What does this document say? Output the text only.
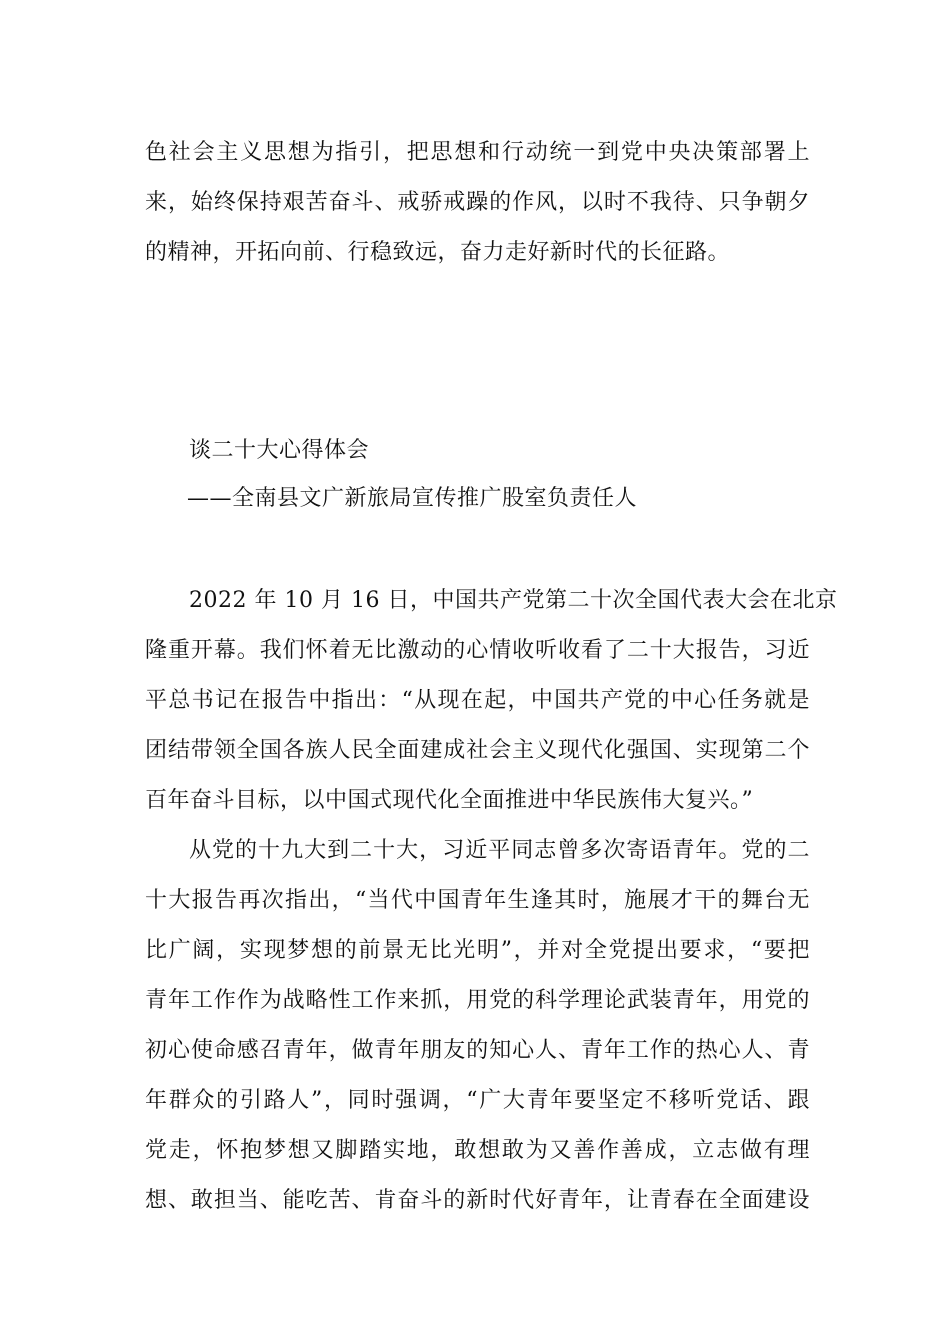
色社会主义思想为指引，把思想和行动统一到党中央决策部署上
来，始终保持艰苦奋斗、戒骄戒躁的作风，以时不我待、只争朝夕
的精神，开拓向前、行稳致远，奋力走好新时代的长征路。
谈二十大心得体会
——全南县文广新旅局宣传推广股室负责任人
2022 年 10 月 16 日，中国共产党第二十次全国代表大会在北京
隆重开幕。我们怀着无比激动的心情收听收看了二十大报告，习近
平总书记在报告中指出：“从现在起，中国共产党的中心任务就是
团结带领全国各族人民全面建成社会主义现代化强国、实现第二个
百年奋斗目标，以中国式现代化全面推进中华民族伟大复兴。”
从党的十九大到二十大，习近平同志曾多次寄语青年。党的二
十大报告再次指出，“当代中国青年生逢其时，施展才干的舞台无
比广阔，实现梦想的前景无比光明”，并对全党提出要求，“要把
青年工作作为战略性工作来抓，用党的科学理论武装青年，用党的
初心使命感召青年，做青年朋友的知心人、青年工作的热心人、青
年群众的引路人”，同时强调，“广大青年要坚定不移听党话、跟
党走，怀抱梦想又脚踏实地，敢想敢为又善作善成，立志做有理
想、敢担当、能吃苦、肯奋斗的新时代好青年，让青春在全面建设
